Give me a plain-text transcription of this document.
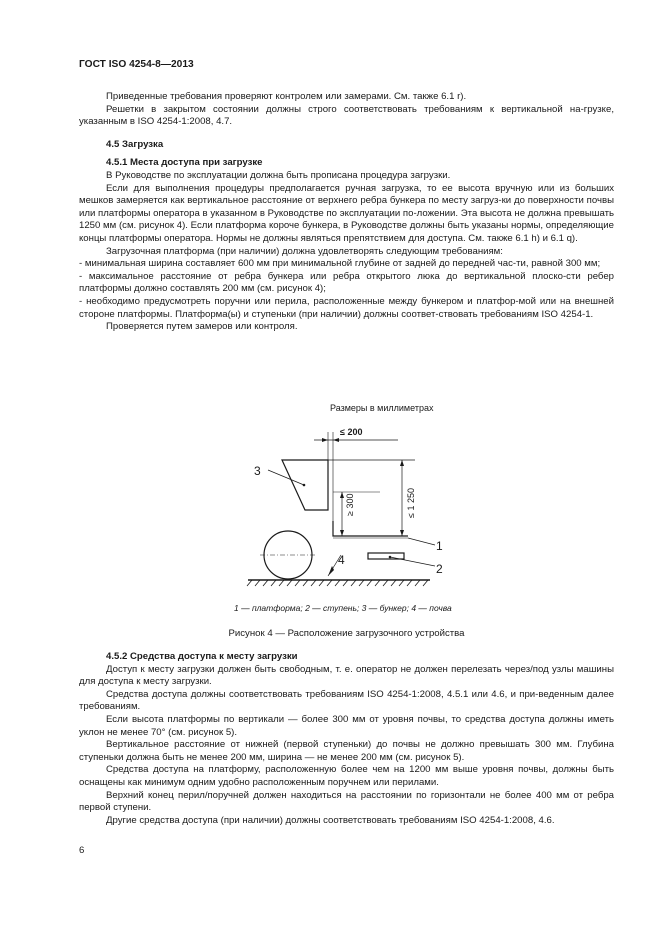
ГОСТ ISO 4254-8—2013

Приведенные требования проверяют контролем или замерами. См. также 6.1 r).

Решетки в закрытом состоянии должны строго соответствовать требованиям к вертикальной на-грузке, указанным в ISO 4254-1:2008, 4.7.

4.5 Загрузка

4.5.1 Места доступа при загрузке

В Руководстве по эксплуатации должна быть прописана процедура загрузки.

Если для выполнения процедуры предполагается ручная загрузка, то ее высота вручную или из больших мешков замеряется как вертикальное расстояние от верхнего ребра бункера по месту загруз-ки до поверхности почвы или платформы оператора в указанном в Руководстве по эксплуатации по-ложении. Эта высота не должна превышать 1250 мм (см. рисунок 4). Если платформа короче бункера, в Руководстве должны быть указаны нормы, определяющие концы платформы оператора. Нормы не должны являться препятствием для доступа. См. также 6.1 h) и 6.1 q).

Загрузочная платформа (при наличии) должна удовлетворять следующим требованиям:

- минимальная ширина составляет 600 мм при минимальной глубине от задней до передней час-ти, равной 300 мм;

- максимальное расстояние от ребра бункера или ребра открытого люка до вертикальной плоско-сти ребер платформы должно составлять 200 мм (см. рисунок 4);

- необходимо предусмотреть поручни или перила, расположенные между бункером и платфор-мой или на внешней стороне платформы. Платформа(ы) и ступеньки (при наличии) должны соответ-ствовать требованиям ISO 4254-1.

Проверяется путем замеров или контроля.

Размеры в миллиметрах
≤ 200
≤ 1 250
≥ 300
3
1
2
4
1 — платформа; 2 — ступень; 3 — бункер; 4 — почва
Рисунок 4 — Расположение загрузочного устройства

4.5.2 Средства доступа к месту загрузки

Доступ к месту загрузки должен быть свободным, т. е. оператор не должен перелезать через/под узлы машины для доступа к месту загрузки.

Средства доступа должны соответствовать требованиям ISO 4254-1:2008, 4.5.1 или 4.6, и при-веденным далее требованиям.

Если высота платформы по вертикали — более 300 мм от уровня почвы, то средства доступа должны иметь уклон не менее 70° (см. рисунок 5).

Вертикальное расстояние от нижней (первой ступеньки) до почвы не должно превышать 300 мм. Глубина ступеньки должна быть не менее 200 мм, ширина — не менее 200 мм (см. рисунок 5).

Средства доступа на платформу, расположенную более чем на 1200 мм выше уровня почвы, должны быть оснащены как минимум одним удобно расположенным поручнем или перилами.

Верхний конец перил/поручней должен находиться на расстоянии по горизонтали не более 400 мм от ребра первой ступени.

Другие средства доступа (при наличии) должны соответствовать требованиям ISO 4254-1:2008, 4.6.

6
